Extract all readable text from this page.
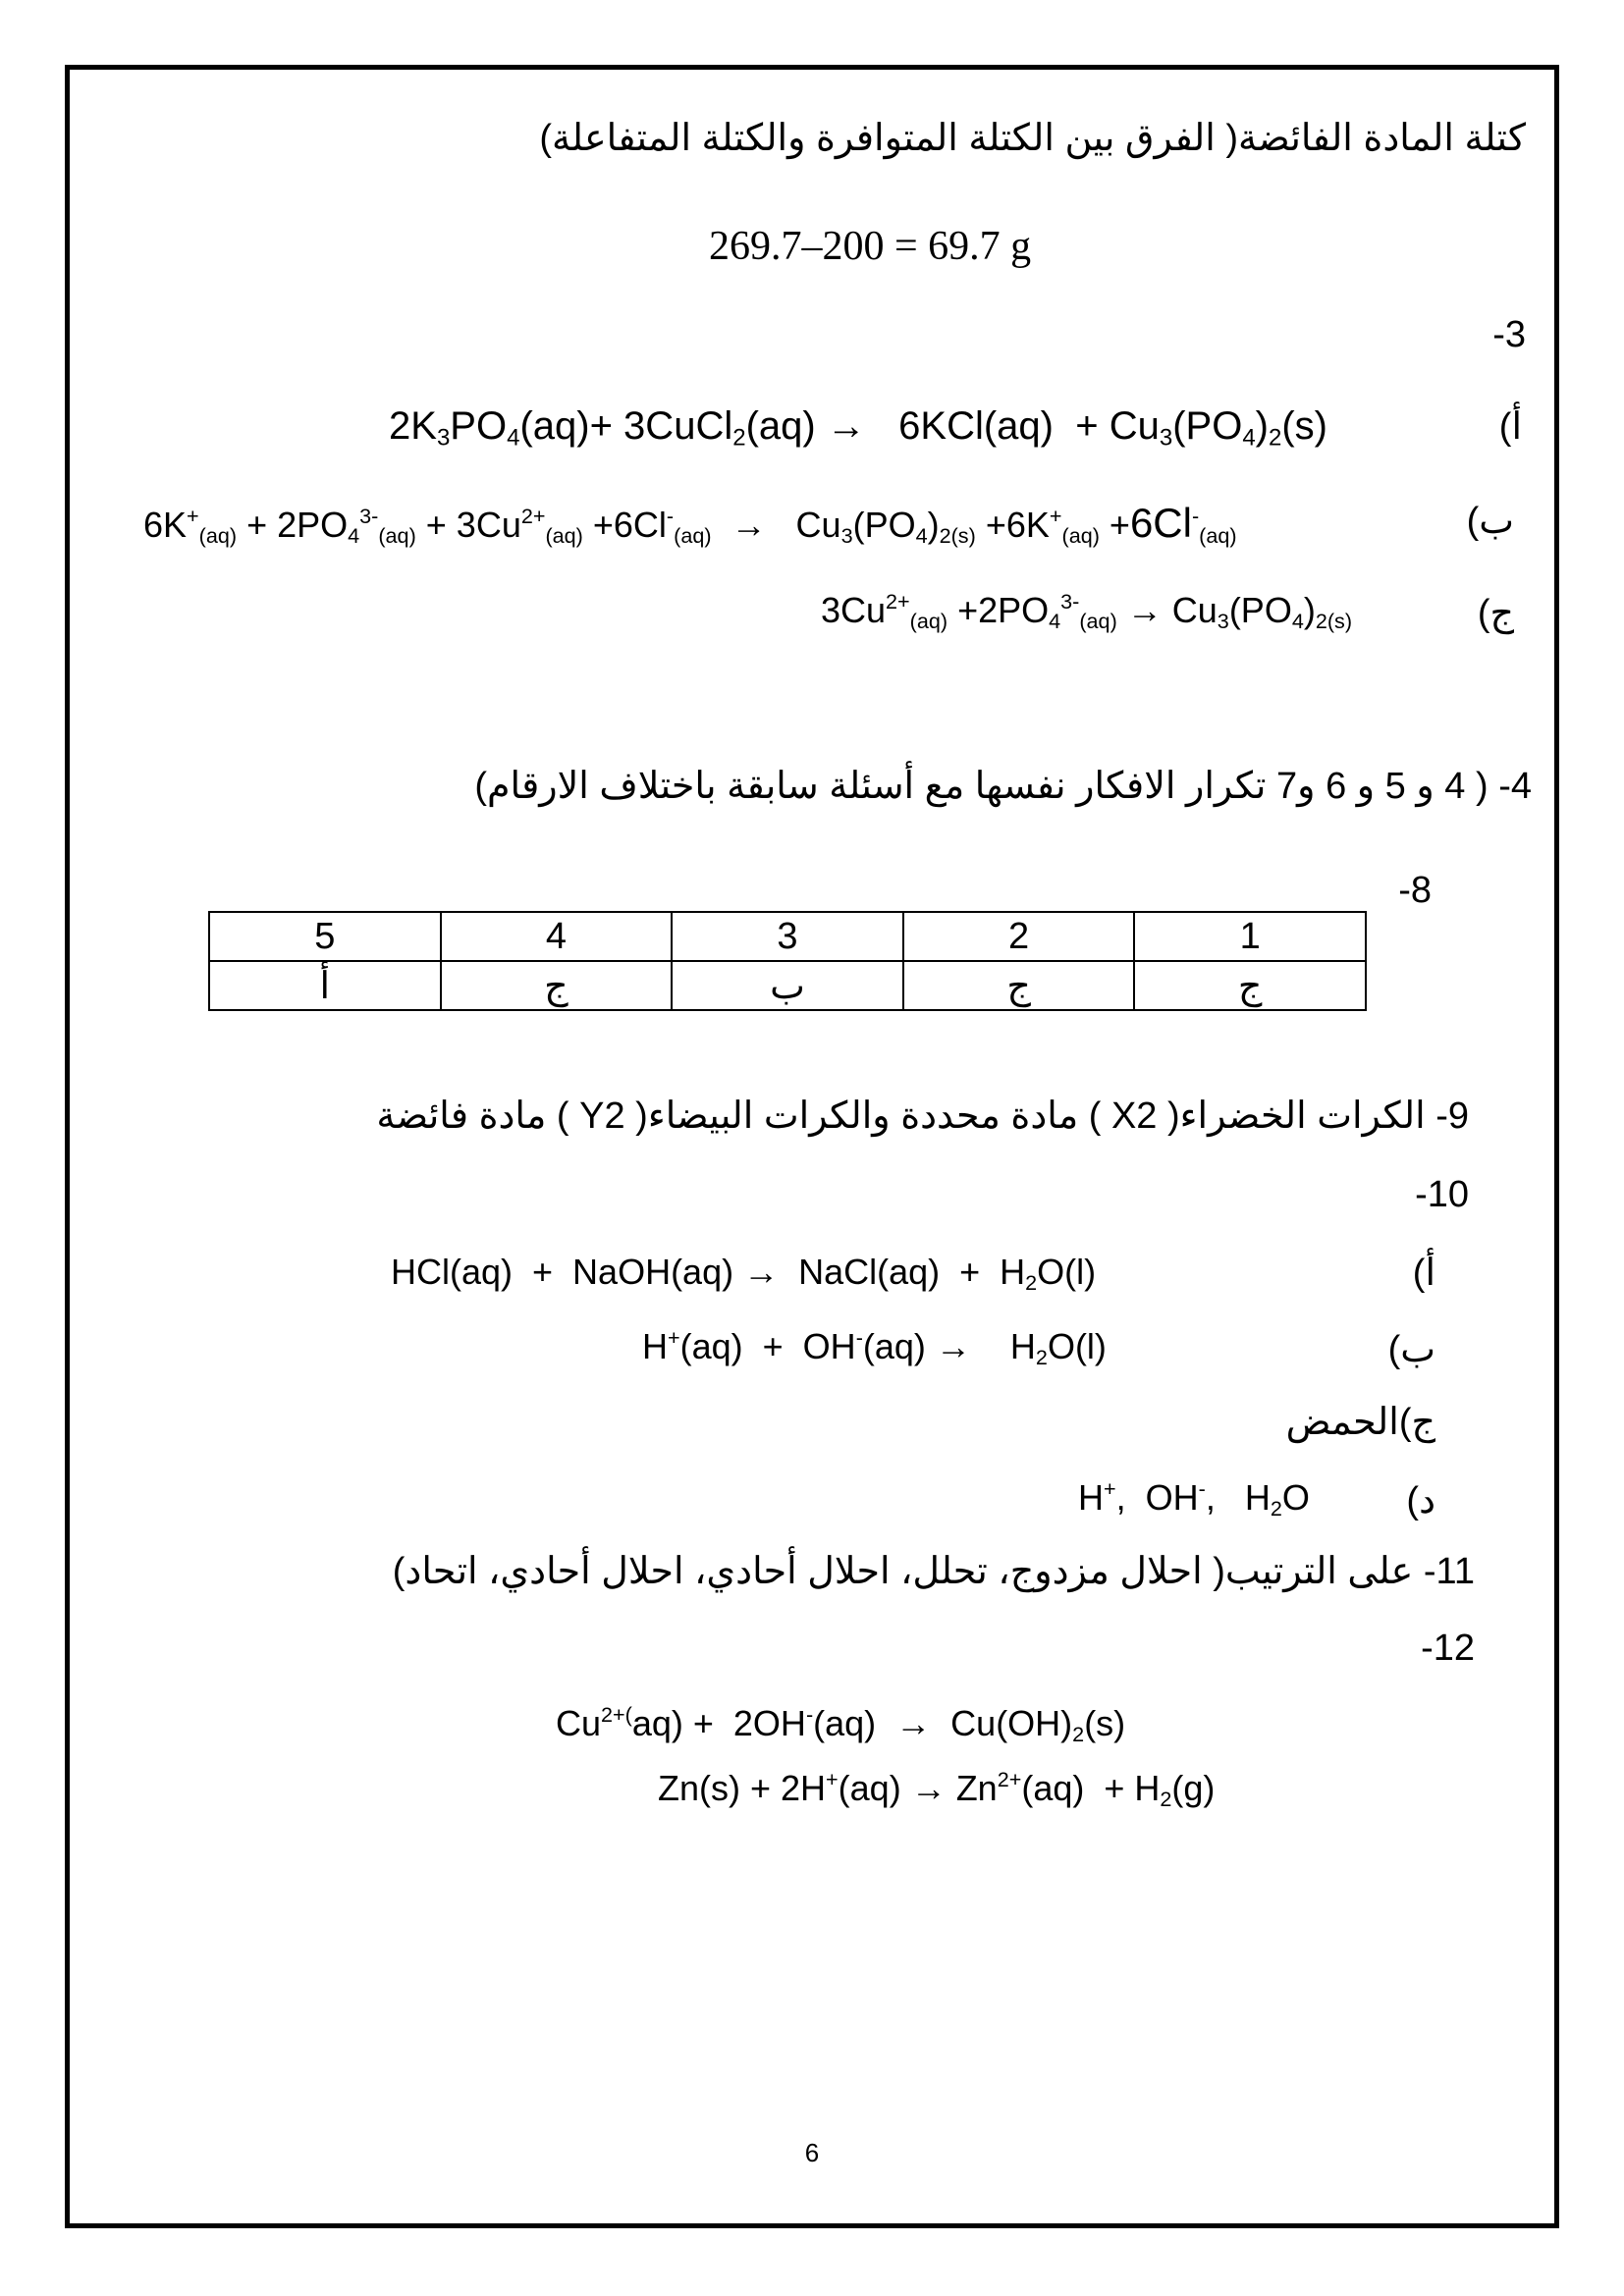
كتلة المادة الفائضة( الفرق بين الكتلة المتوافرة والكتلة المتفاعلة)
269.7–200 = 69.7 g
-3
(أ
$2K_3PO_4(aq)+$ 3CuCl$_2$(aq) →   $6KCl(aq) + Cu_3(PO_4)_2(s)$
(ب
$6K^+_{(aq)} + 2PO_4^{3-}_{(aq)} + 3Cu^{2+}_{(aq)} +6Cl^-_{(aq)} \to Cu_3(PO_4)_{2(s)} +6K^+_{(aq)} +6Cl^-_{(aq)}$
(ج
$3Cu^{2+}_{(aq)} +2PO_4^{3-}_{(aq)} \to Cu_3(PO_4)_{2(s)}$
4- ( 4 و 5 و 6 و7 تكرار الافكار نفسها مع أسئلة سابقة باختلاف الارقام)
-8
5	4	3	2	1
أ	ج	ب	ج	ج
9- الكرات الخضراء( X2 ) مادة محددة والكرات البيضاء( Y2 ) مادة فائضة
-10
(أ
HCl(aq)  +  NaOH(aq) →  NaCl(aq)  +  $H_2O(l)$
(ب
H+(aq)  +  OH-(aq) →    $H_2O(l)$
ج)الحمض
(د
H+,  OH-,   $H_2O$
11- على الترتيب( احلال مزدوج، تحلل، احلال أحادي، احلال أحادي، اتحاد)
-12
$Cu^{2+(}aq) + 2OH^-(aq) \to Cu(OH)_2(s)$
$Zn(s) + 2H^+(aq) \to Zn^{2+}(aq) + H_2(g)$
6
